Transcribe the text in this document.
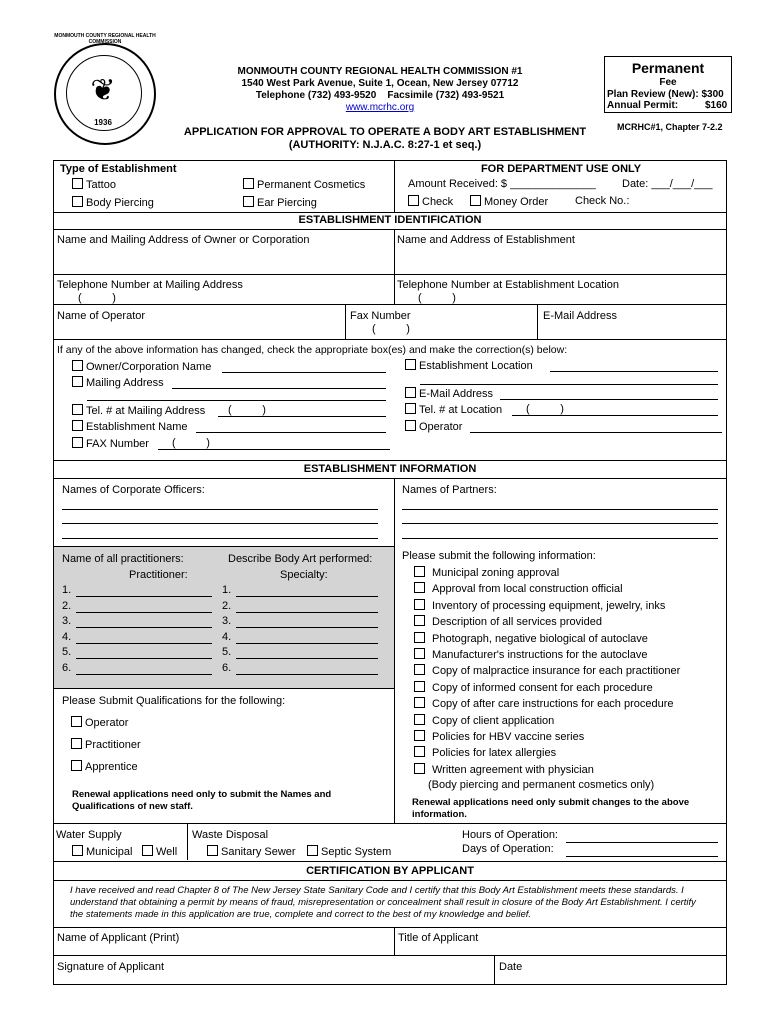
❦
1936
MONMOUTH COUNTY REGIONAL HEALTH COMMISSION
MONMOUTH COUNTY REGIONAL HEALTH COMMISSION #1
1540 West Park Avenue, Suite 1, Ocean, New Jersey 07712
Telephone (732) 493-9520 Facsimile (732) 493-9521
www.mcrhc.org
APPLICATION FOR APPROVAL TO OPERATE A BODY ART ESTABLISHMENT
(AUTHORITY: N.J.A.C. 8:27-1 et seq.)
Permanent
Fee
Plan Review (New): $300
Annual Permit:	$160
MCRHC#1, Chapter 7-2.2
Type of Establishment
Tattoo
Body Piercing
Permanent Cosmetics
Ear Piercing
FOR DEPARTMENT USE ONLY
Amount Received: $ ______________ Date: ___/___/___
Check	Money Order Check No.:
ESTABLISHMENT IDENTIFICATION
Name and Mailing Address of Owner or Corporation	Name and Address of Establishment
Telephone Number at Mailing Address
(          )
Telephone Number at Establishment Location
(          )
Name of Operator	Fax Number
(          )
E-Mail Address
If any of the above information has changed, check the appropriate box(es) and make the correction(s) below:
Owner/Corporation Name
Mailing Address
Tel. # at Mailing Address (          )
Establishment Name
FAX Number (          )
Establishment Location
E-Mail Address
Tel. # at Location (          )
Operator
ESTABLISHMENT INFORMATION
Names of Corporate Officers:	Names of Partners:
Name of all practitioners:
Practitioner:
Describe Body Art performed:
Specialty:
1.	1.
2.	2.
3.	3.
4.	4.
5.	5.
6.	6.
Please Submit Qualifications for the following:
Operator
Practitioner
Apprentice
Renewal applications need only to submit the Names and Qualifications of new staff.
Please submit the following information:
Municipal zoning approval
Approval from local construction official
Inventory of processing equipment, jewelry, inks
Description of all services provided
Photograph, negative biological of autoclave
Manufacturer's instructions for the autoclave
Copy of malpractice insurance for each practitioner
Copy of informed consent for each procedure
Copy of after care instructions for each procedure
Copy of client application
Policies for HBV vaccine series
Policies for latex allergies
Written agreement with physician
(Body piercing and permanent cosmetics only)
Renewal applications need only submit changes to the above information.
Water Supply
Municipal	Well
Waste Disposal
Sanitary Sewer	Septic System
Hours of Operation:
Days of Operation:
CERTIFICATION BY APPLICANT
I have received and read Chapter 8 of The New Jersey State Sanitary Code and I certify that this Body Art Establishment meets these standards. I understand that obtaining a permit by means of fraud, misrepresentation or concealment shall result in closure of the Body Art Establishment. I certify the statements made in this application are true, complete and correct to the best of my knowledge and belief.
Name of Applicant (Print)	Title of Applicant
Signature of Applicant	Date
